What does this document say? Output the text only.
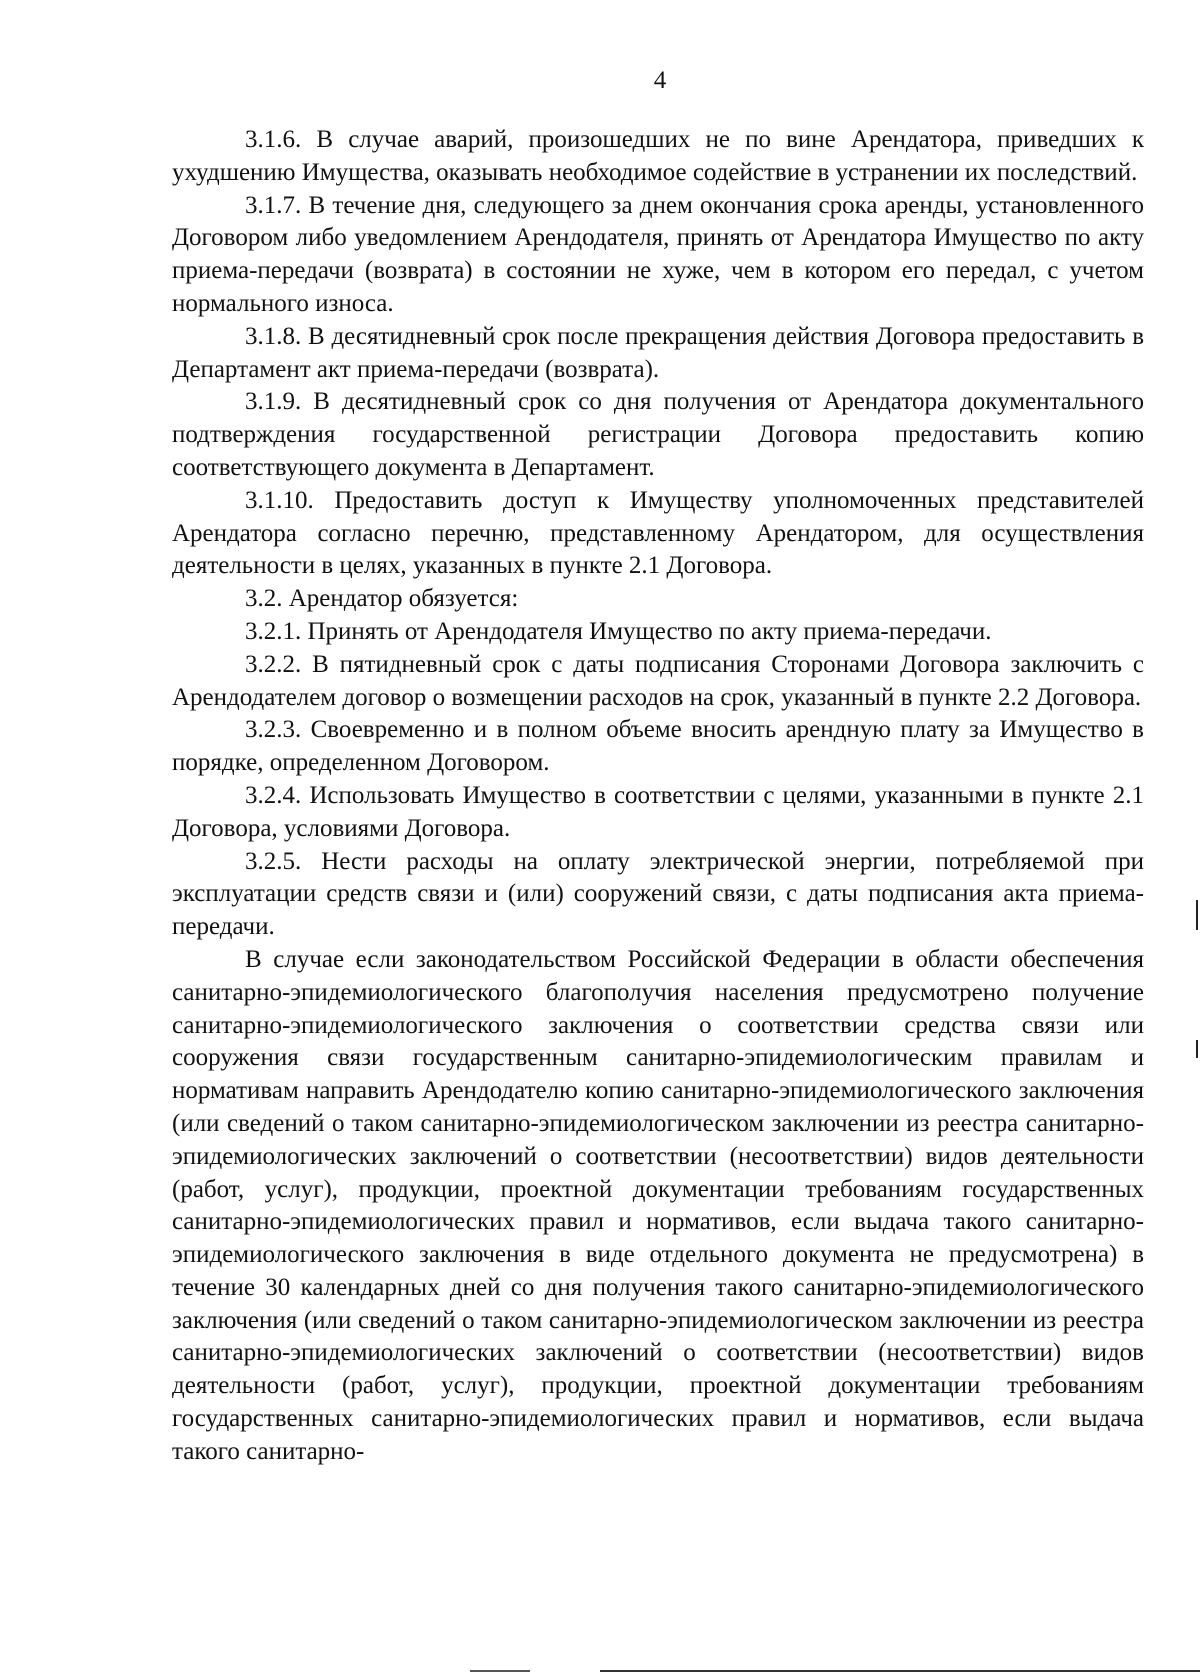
4

3.1.6. В случае аварий, произошедших не по вине Арендатора, приведших к ухудшению Имущества, оказывать необходимое содействие в устранении их последствий.

3.1.7. В течение дня, следующего за днем окончания срока аренды, установленного Договором либо уведомлением Арендодателя, принять от Арендатора Имущество по акту приема-передачи (возврата) в состоянии не хуже, чем в котором его передал, с учетом нормального износа.

3.1.8. В десятидневный срок после прекращения действия Договора предоставить в Департамент акт приема-передачи (возврата).

3.1.9. В десятидневный срок со дня получения от Арендатора документального подтверждения государственной регистрации Договора предоставить копию соответствующего документа в Департамент.

3.1.10. Предоставить доступ к Имуществу уполномоченных представителей Арендатора согласно перечню, представленному Арендатором, для осуществления деятельности в целях, указанных в пункте 2.1 Договора.

3.2. Арендатор обязуется:

3.2.1. Принять от Арендодателя Имущество по акту приема-передачи.

3.2.2. В пятидневный срок с даты подписания Сторонами Договора заключить с Арендодателем договор о возмещении расходов на срок, указанный в пункте 2.2 Договора.

3.2.3. Своевременно и в полном объеме вносить арендную плату за Имущество в порядке, определенном Договором.

3.2.4. Использовать Имущество в соответствии с целями, указанными в пункте 2.1 Договора, условиями Договора.

3.2.5. Нести расходы на оплату электрической энергии, потребляемой при эксплуатации средств связи и (или) сооружений связи, с даты подписания акта приема-передачи.

В случае если законодательством Российской Федерации в области обеспечения санитарно-эпидемиологического благополучия населения предусмотрено получение санитарно-эпидемиологического заключения о соответствии средства связи или сооружения связи государственным санитарно-эпидемиологическим правилам и нормативам направить Арендодателю копию санитарно-эпидемиологического заключения (или сведений о таком санитарно-эпидемиологическом заключении из реестра санитарно-эпидемиологических заключений о соответствии (несоответствии) видов деятельности (работ, услуг), продукции, проектной документации требованиям государственных санитарно-эпидемиологических правил и нормативов, если выдача такого санитарно-эпидемиологического заключения в виде отдельного документа не предусмотрена) в течение 30 календарных дней со дня получения такого санитарно-эпидемиологического заключения (или сведений о таком санитарно-эпидемиологическом заключении из реестра санитарно-эпидемиологических заключений о соответствии (несоответствии) видов деятельности (работ, услуг), продукции, проектной документации требованиям государственных санитарно-эпидемиологических правил и нормативов, если выдача такого санитарно-
